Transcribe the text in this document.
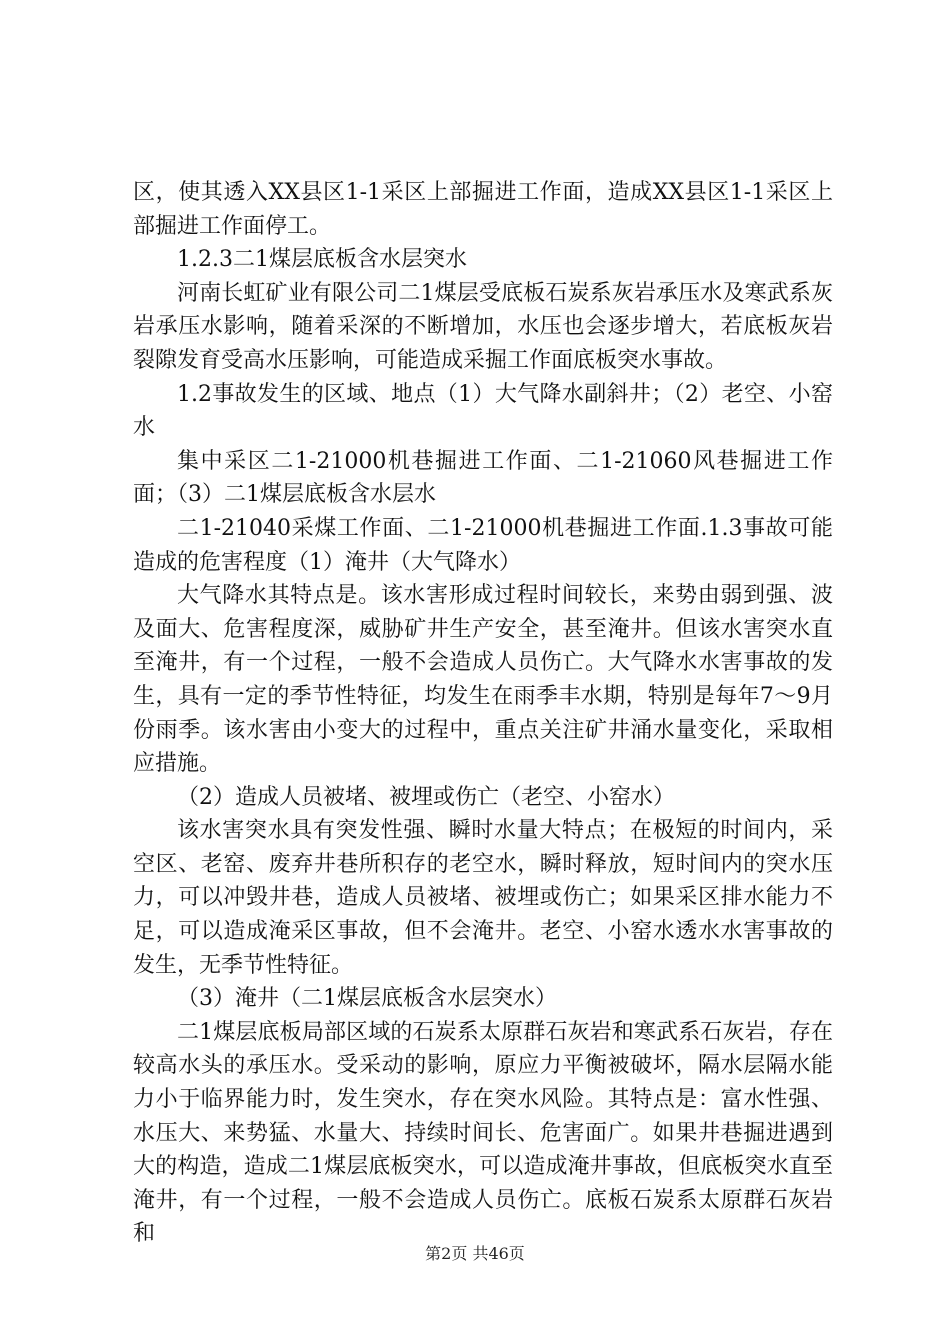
区，使其透入XX县区1-1采区上部掘进工作面，造成XX县区1-1采区上部掘进工作面停工。

1.2.3二1煤层底板含水层突水

河南长虹矿业有限公司二1煤层受底板石炭系灰岩承压水及寒武系灰岩承压水影响，随着采深的不断增加，水压也会逐步增大，若底板灰岩裂隙发育受高水压影响，可能造成采掘工作面底板突水事故。

1.2事故发生的区域、地点（1）大气降水副斜井；（2）老空、小窑水

集中采区二1-21000机巷掘进工作面、二1-21060风巷掘进工作面；（3）二1煤层底板含水层水

二1-21040采煤工作面、二1-21000机巷掘进工作面.1.3事故可能造成的危害程度（1）淹井（大气降水）

大气降水其特点是。该水害形成过程时间较长，来势由弱到强、波及面大、危害程度深，威胁矿井生产安全，甚至淹井。但该水害突水直至淹井，有一个过程，一般不会造成人员伤亡。大气降水水害事故的发生，具有一定的季节性特征，均发生在雨季丰水期，特别是每年7～9月份雨季。该水害由小变大的过程中，重点关注矿井涌水量变化，采取相应措施。

（2）造成人员被堵、被埋或伤亡（老空、小窑水）

该水害突水具有突发性强、瞬时水量大特点；在极短的时间内，采空区、老窑、废弃井巷所积存的老空水，瞬时释放，短时间内的突水压力，可以冲毁井巷，造成人员被堵、被埋或伤亡；如果采区排水能力不足，可以造成淹采区事故，但不会淹井。老空、小窑水透水水害事故的发生，无季节性特征。

（3）淹井（二1煤层底板含水层突水）

二1煤层底板局部区域的石炭系太原群石灰岩和寒武系石灰岩，存在较高水头的承压水。受采动的影响，原应力平衡被破坏，隔水层隔水能力小于临界能力时，发生突水，存在突水风险。其特点是：富水性强、水压大、来势猛、水量大、持续时间长、危害面广。如果井巷掘进遇到大的构造，造成二1煤层底板突水，可以造成淹井事故，但底板突水直至淹井，有一个过程，一般不会造成人员伤亡。底板石炭系太原群石灰岩和

第2页 共46页
